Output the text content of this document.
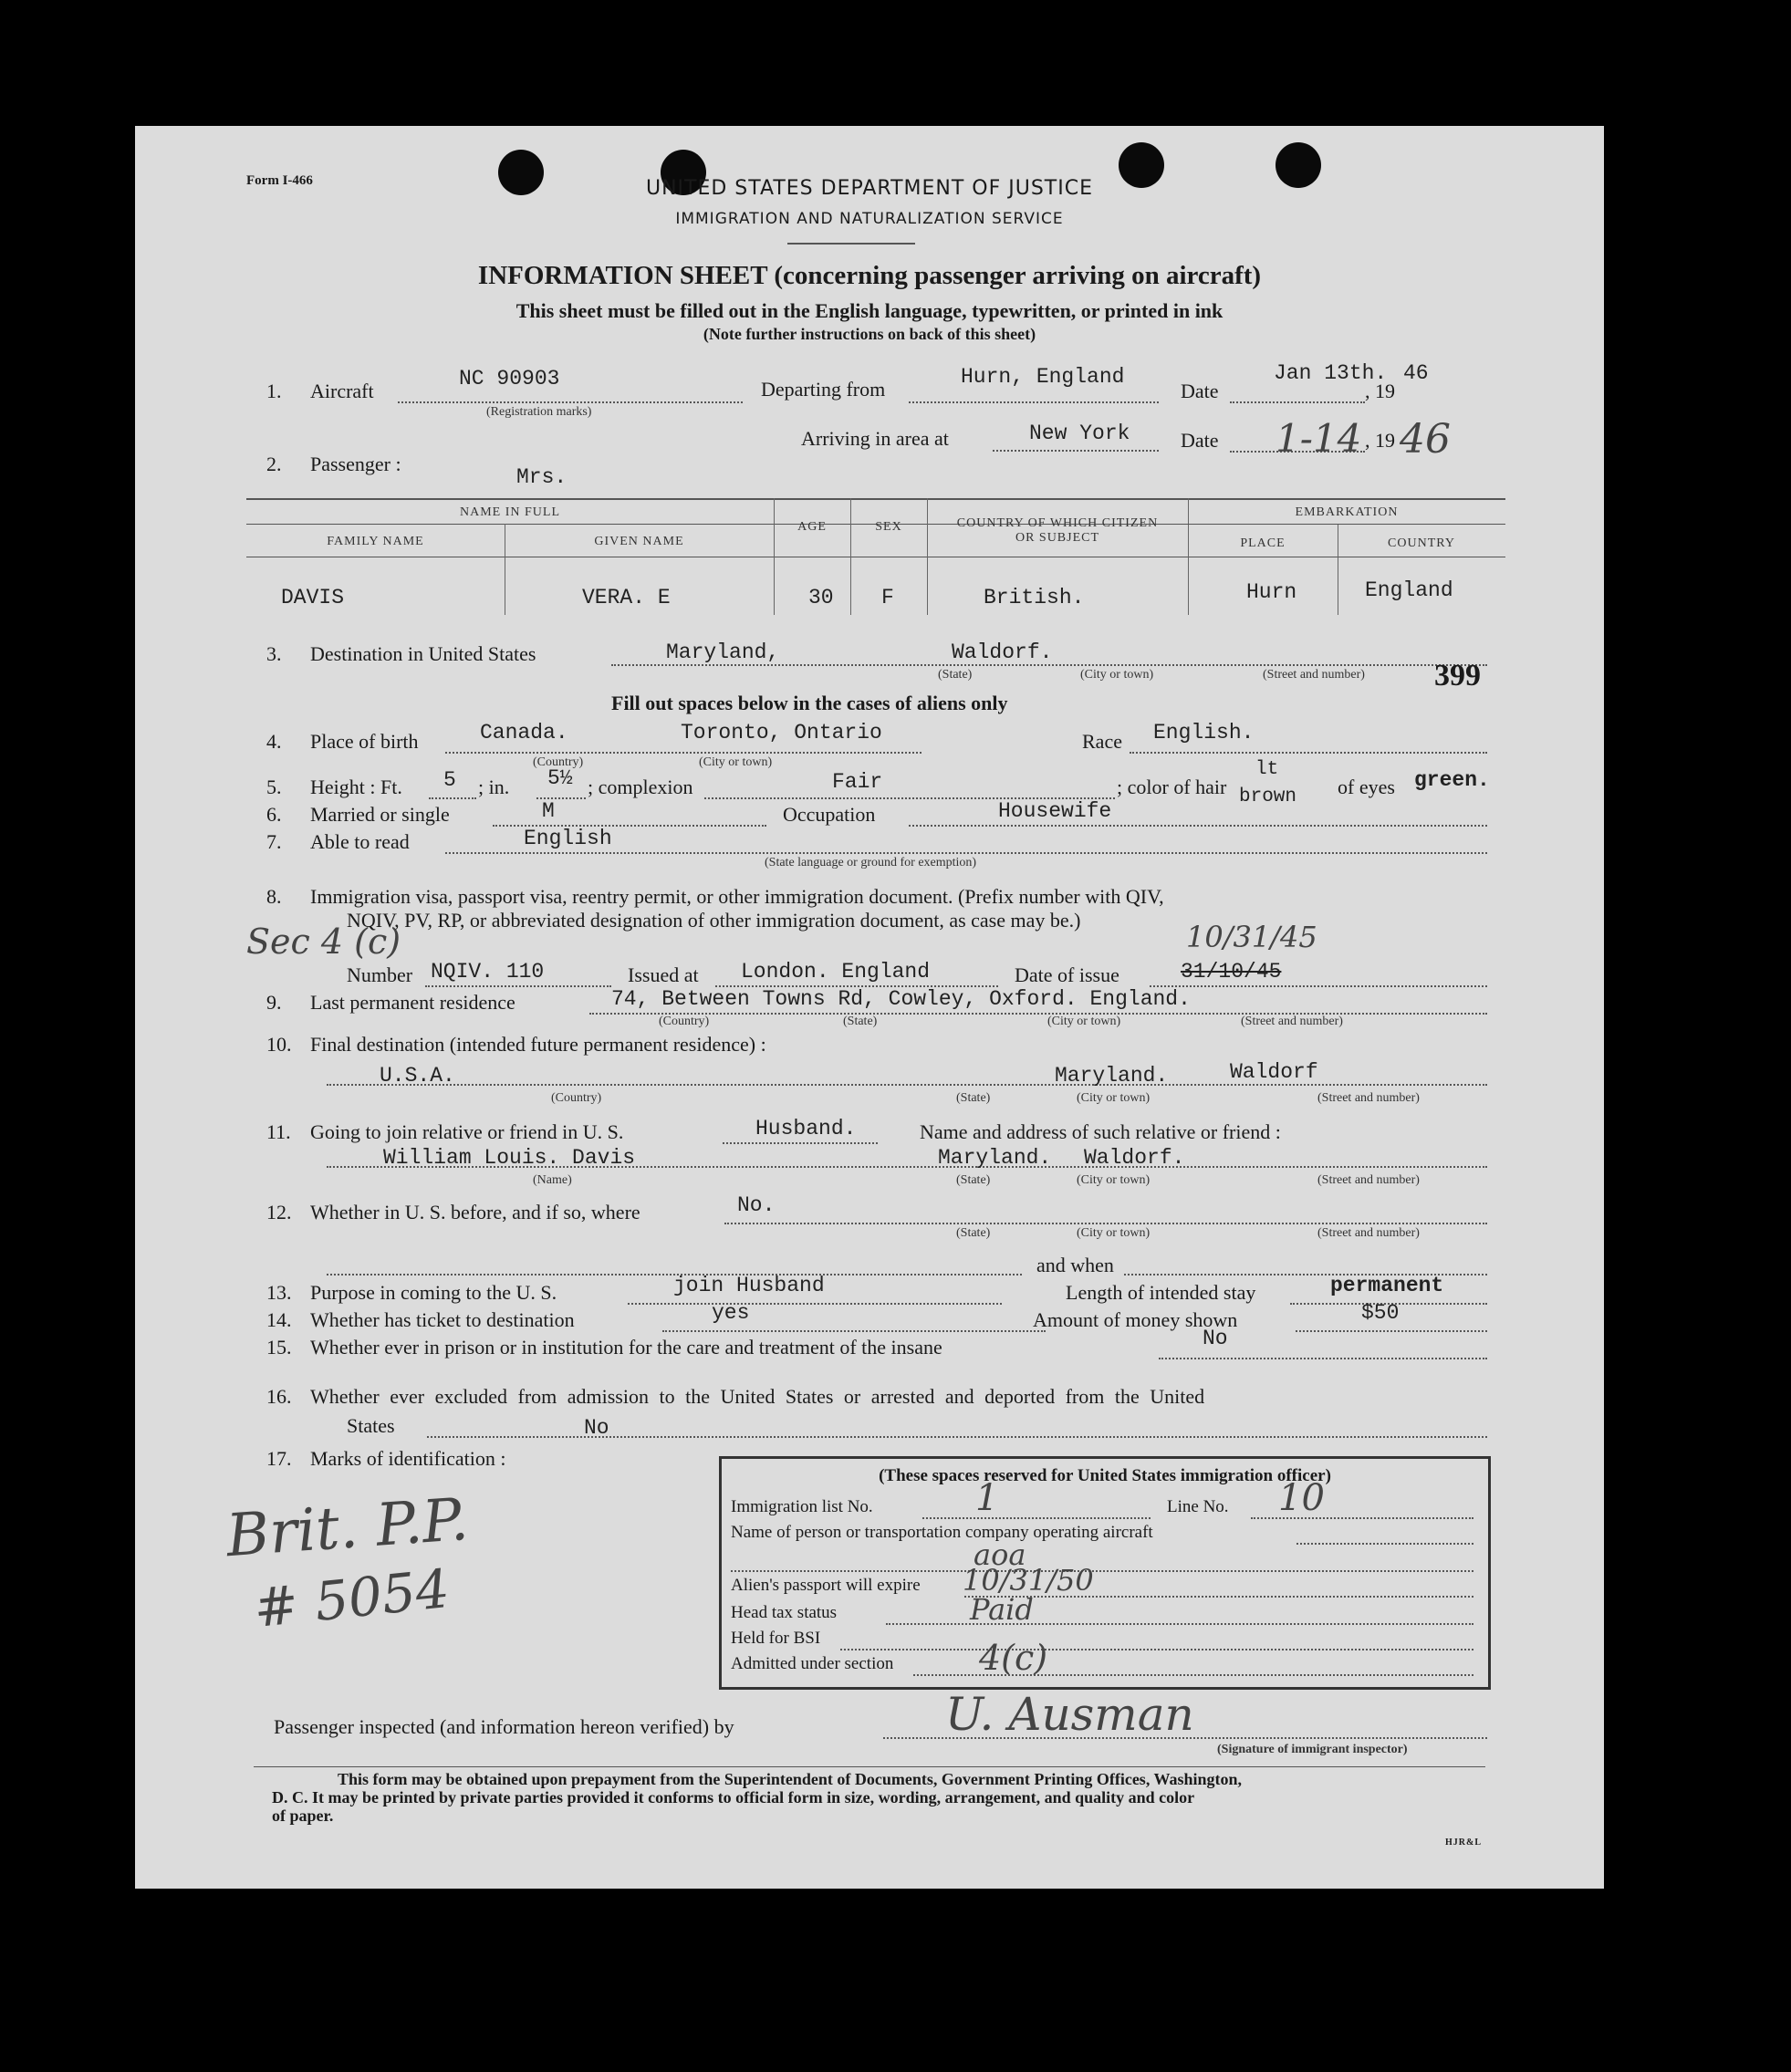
Form I-466	UNITED STATES DEPARTMENT OF JUSTICE
IMMIGRATION AND NATURALIZATION SERVICE
INFORMATION SHEET (concerning passenger arriving on aircraft)
This sheet must be filled out in the English language, typewritten, or printed in ink
(Note further instructions on back of this sheet)
1. Aircraft
NC 90903
(Registration marks)
Departing from
Hurn, England
Date
Jan 13th.
, 19
46
Arriving in area at	New York	Date 1-14 , 19 46
2. Passenger :
Mrs.
NAME IN FULL
FAMILY NAME	GIVEN NAME
AGE	SEX	COUNTRY OF WHICH CITIZEN
OR SUBJECT
EMBARKATION
PLACE	COUNTRY
DAVIS	VERA. E	30 F	British.	Hurn	England
3. Destination in United States	Maryland,	Waldorf.
(State)	(City or town)	(Street and number) 399
Fill out spaces below in the cases of aliens only
4. Place of birth	Canada.	Toronto, Ontario
(Country)	(City or town)
Race English.
5. Height : Ft. 5 ; in. 5½ ; complexion	Fair	; color of hair
lt
brown of eyes green.
6. Married or single	M	Occupation	Housewife
7. Able to read	English
(State language or ground for exemption)
8. Immigration visa, passport visa, reentry permit, or other immigration document. (Prefix number with QIV,
NQIV, PV, RP, or abbreviated designation of other immigration document, as case may be.)
Sec 4 (c)
Number NQIV. 110	Issued at London. England	Date of issue	31/10/45
10/31/45
9. Last permanent residence	74, Between Towns Rd, Cowley, Oxford. England.
(Country)	(State)	(City or town)	(Street and number)
10. Final destination (intended future permanent residence) :
U.S.A.	Maryland.	Waldorf
(Country)	(State)	(City or town)	(Street and number)
11. Going to join relative or friend in U. S.	Husband.	Name and address of such relative or friend :
William Louis. Davis	Maryland. Waldorf.
(Name)	(State)	(City or town)	(Street and number)
12. Whether in U. S. before, and if so, where	No.
(State)	(City or town)	(Street and number)
and when
13. Purpose in coming to the U. S.	join Husband	Length of intended stay	permanent
14. Whether has ticket to destination	yes	Amount of money shown	$50
15. Whether ever in prison or in institution for the care and treatment of the insane	No
16. Whether ever excluded from admission to the United States or arrested and deported from the United
States	No
17. Marks of identification :
Brit. P.P.
# 5054
(These spaces reserved for United States immigration officer)
Immigration list No.	1	Line No. 10
Name of person or transportation company operating aircraft
aoa
Alien's passport will expire 10/31/50
Head tax status	Paid
Held for BSI
Admitted under section 4(c)
Passenger inspected (and information hereon verified) by	U. Ausman
(Signature of immigrant inspector)
This form may be obtained upon prepayment from the Superintendent of Documents, Government Printing Offices, Washington,
D. C. It may be printed by private parties provided it conforms to official form in size, wording, arrangement, and quality and color
of paper.
HJR&L
